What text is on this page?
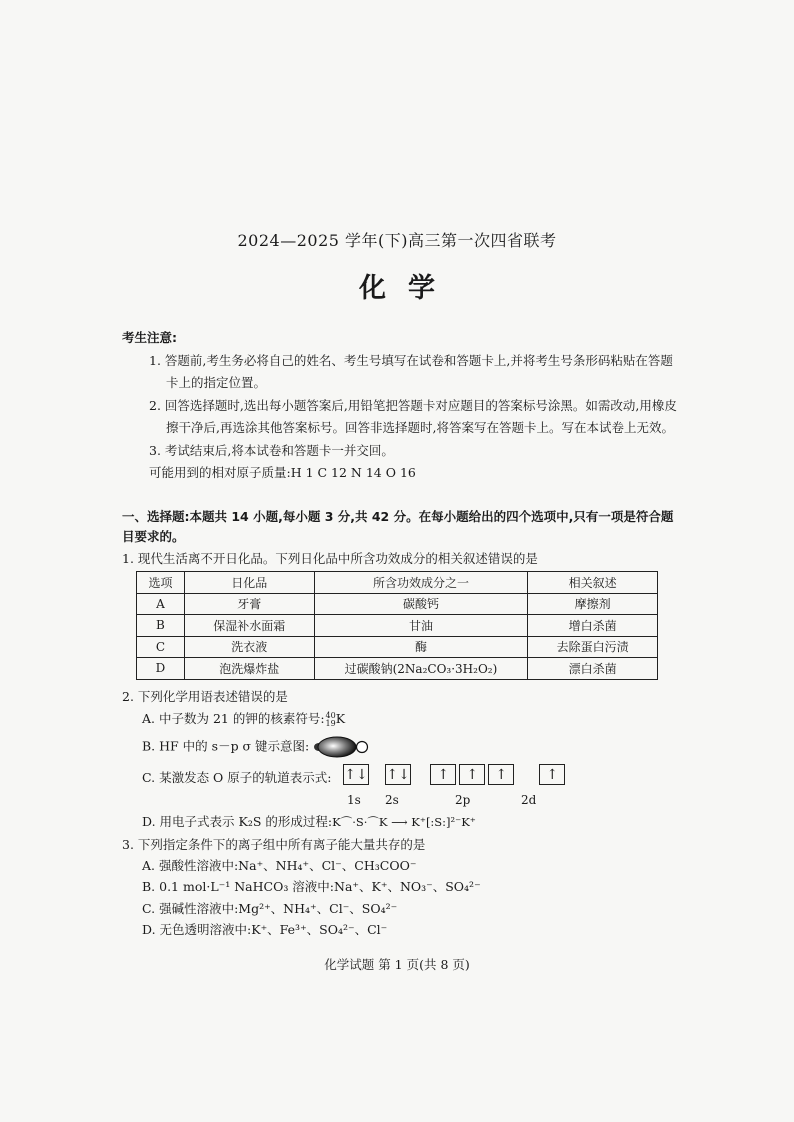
2024—2025 学年(下)高三第一次四省联考
化学
考生注意:
1. 答题前,考生务必将自己的姓名、考生号填写在试卷和答题卡上,并将考生号条形码粘贴在答题卡上的指定位置。
2. 回答选择题时,选出每小题答案后,用铅笔把答题卡对应题目的答案标号涂黑。如需改动,用橡皮擦干净后,再选涂其他答案标号。回答非选择题时,将答案写在答题卡上。写在本试卷上无效。
3. 考试结束后,将本试卷和答题卡一并交回。
可能用到的相对原子质量:H 1 C 12 N 14 O 16
一、选择题:本题共 14 小题,每小题 3 分,共 42 分。在每小题给出的四个选项中,只有一项是符合题目要求的。
1. 现代生活离不开日化品。下列日化品中所含功效成分的相关叙述错误的是
选项	日化品	所含功效成分之一	相关叙述
A	牙膏	碳酸钙	摩擦剂
B	保湿补水面霜	甘油	增白杀菌
C	洗衣液	酶	去除蛋白污渍
D	泡洗爆炸盐	过碳酸钠(2Na₂CO₃·3H₂O₂)	漂白杀菌
2. 下列化学用语表述错误的是
A. 中子数为 21 的钾的核素符号: 40
19 K
B. HF 中的 s－p σ 键示意图:
C. 某激发态 O 原子的轨道表示式: ↑↓ ↑↓ ↑ ↑ ↑	↑
1s 2s	2p	2d
D. 用电子式表示 K₂S 的形成过程:K⌒·S·⌒K ⟶ K⁺[:S:]²⁻K⁺
3. 下列指定条件下的离子组中所有离子能大量共存的是
A. 强酸性溶液中:Na⁺、NH₄⁺、Cl⁻、CH₃COO⁻
B. 0.1 mol·L⁻¹ NaHCO₃ 溶液中:Na⁺、K⁺、NO₃⁻、SO₄²⁻
C. 强碱性溶液中:Mg²⁺、NH₄⁺、Cl⁻、SO₄²⁻
D. 无色透明溶液中:K⁺、Fe³⁺、SO₄²⁻、Cl⁻
化学试题 第 1 页(共 8 页)
